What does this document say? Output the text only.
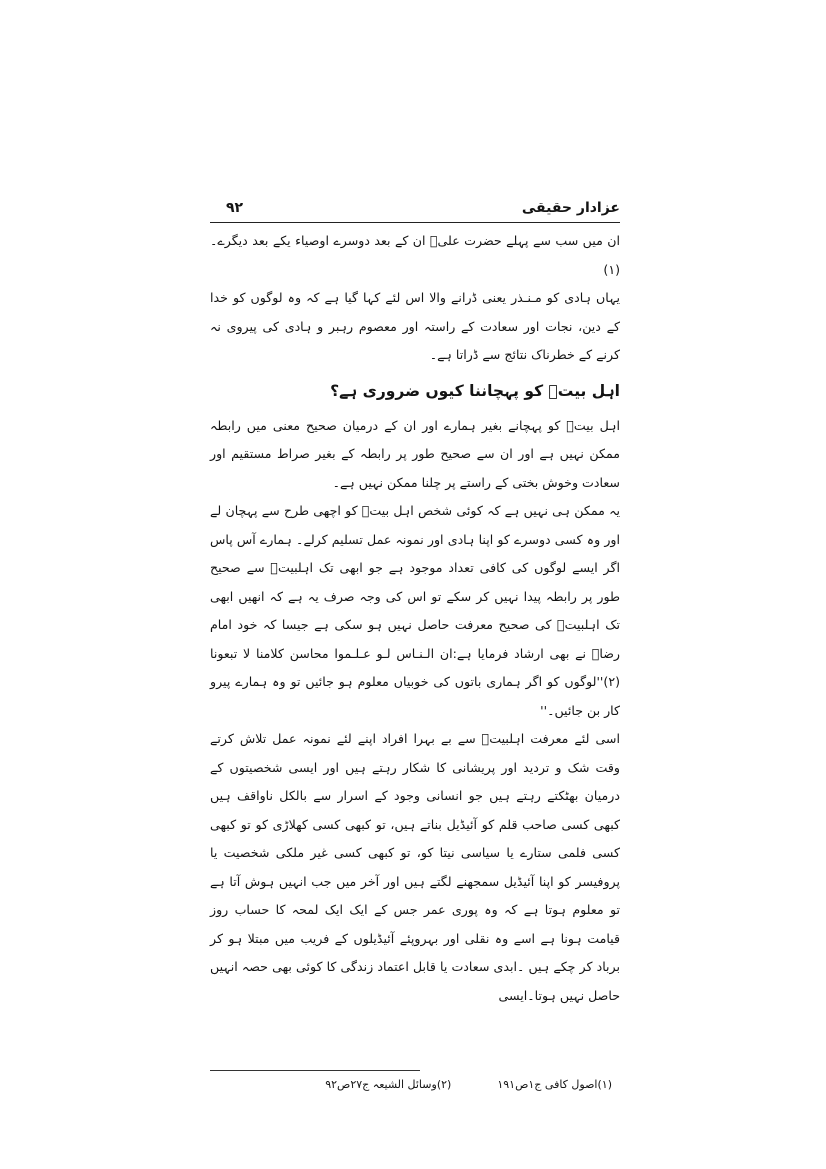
عزادار حقیقی
۹۲

ان میں سب سے پہلے حضرت علیؑ ان کے بعد دوسرے اوصیاء یکے بعد دیگرے۔(۱)

یہاں ہادی کو مـنـذر یعنی ڈرانے والا اس لئے کہا گیا ہے کہ وہ لوگوں کو خدا کے دین، نجات اور سعادت کے راستہ اور معصوم رہبر و ہادی کی پیروی نہ کرنے کے خطرناک نتائج سے ڈراتا ہے۔

اہل بیتؑ کو پہچاننا کیوں ضروری ہے؟

اہل بیتؑ کو پہچانے بغیر ہمارے اور ان کے درمیان صحیح معنی میں رابطہ ممکن نہیں ہے اور ان سے صحیح طور پر رابطہ کے بغیر صراط مستقیم اور سعادت وخوش بختی کے راستے پر چلنا ممکن نہیں ہے۔

یہ ممکن ہی نہیں ہے کہ کوئی شخص اہل بیتؑ کو اچھی طرح سے پہچان لے اور وہ کسی دوسرے کو اپنا ہادی اور نمونہ عمل تسلیم کرلے۔ ہمارے آس پاس اگر ایسے لوگوں کی کافی تعداد موجود ہے جو ابھی تک اہلبیتؑ سے صحیح طور پر رابطہ پیدا نہیں کر سکے تو اس کی وجہ صرف یہ ہے کہ انھیں ابھی تک اہلبیتؑ کی صحیح معرفت حاصل نہیں ہو سکی ہے جیسا کہ خود امام رضاؑ نے بھی ارشاد فرمایا ہے:ان الـنـاس لـو عـلـموا محاسن كلامنا لا تبعونا (۲)''لوگوں کو اگر ہماری باتوں کی خوبیاں معلوم ہو جائیں تو وہ ہمارے پیرو کار بن جائیں۔''

اسی لئے معرفت اہلبیتؑ سے بے بہرا افراد اپنے لئے نمونہ عمل تلاش کرتے وقت شک و تردید اور پریشانی کا شکار رہتے ہیں اور ایسی شخصیتوں کے درمیان بھٹکتے رہتے ہیں جو انسانی وجود کے اسرار سے بالکل ناواقف ہیں کبھی کسی صاحب قلم کو آئیڈیل بناتے ہیں، تو کبھی کسی کھلاڑی کو تو کبھی کسی فلمی ستارے یا سیاسی نیتا کو، تو کبھی کسی غیر ملکی شخصیت یا پروفیسر کو اپنا آئیڈیل سمجھنے لگتے ہیں اور آخر میں جب انہیں ہوش آتا ہے تو معلوم ہوتا ہے کہ وہ پوری عمر جس کے ایک ایک لمحہ کا حساب روز قیامت ہونا ہے اسے وہ نقلی اور بہروپئے آئیڈیلوں کے فریب میں مبتلا ہو کر برباد کر چکے ہیں ۔ابدی سعادت یا قابل اعتماد زندگی کا کوئی بھی حصہ انہیں حاصل نہیں ہوتا۔ایسی

(۱)اصول کافی ج۱ص۱۹۱
(۲)وسائل الشیعہ ج۲۷ص۹۲
